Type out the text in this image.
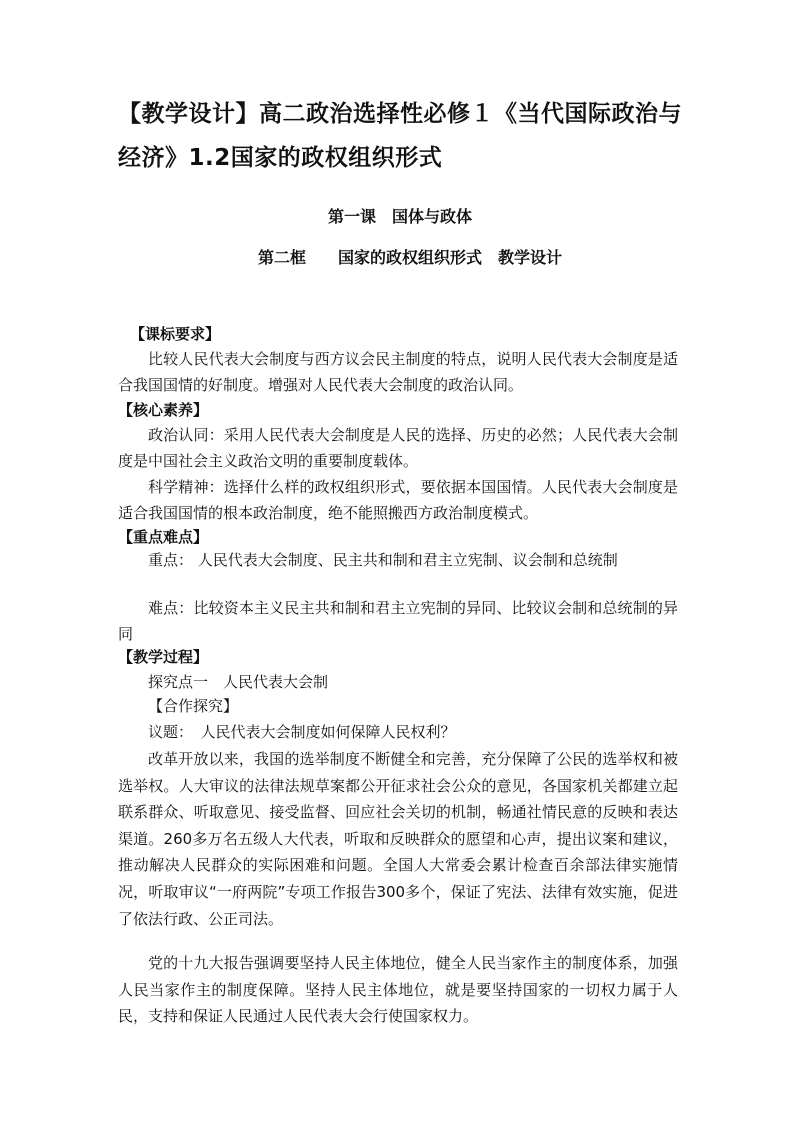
【教学设计】高二政治选择性必修１《当代国际政治与
经济》1.2国家的政权组织形式
第一课　国体与政体
第二框　　国家的政权组织形式　教学设计
【课标要求】
比较人民代表大会制度与西方议会民主制度的特点，说明人民代表大会制度是适合我国国情的好制度。增强对人民代表大会制度的政治认同。
【核心素养】
政治认同：采用人民代表大会制度是人民的选择、历史的必然；人民代表大会制度是中国社会主义政治文明的重要制度载体。
科学精神：选择什么样的政权组织形式，要依据本国国情。人民代表大会制度是适合我国国情的根本政治制度，绝不能照搬西方政治制度模式。
【重点难点】
重点： 人民代表大会制度、民主共和制和君主立宪制、议会制和总统制
难点：比较资本主义民主共和制和君主立宪制的异同、比较议会制和总统制的异同
【教学过程】
探究点一　人民代表大会制
【合作探究】
议题：　人民代表大会制度如何保障人民权利？
改革开放以来，我国的选举制度不断健全和完善，充分保障了公民的选举权和被选举权。人大审议的法律法规草案都公开征求社会公众的意见，各国家机关都建立起联系群众、听取意见、接受监督、回应社会关切的机制，畅通社情民意的反映和表达渠道。260多万名五级人大代表，听取和反映群众的愿望和心声，提出议案和建议，推动解决人民群众的实际困难和问题。全国人大常委会累计检查百余部法律实施情况，听取审议“一府两院”专项工作报告300多个，保证了宪法、法律有效实施，促进了依法行政、公正司法。
党的十九大报告强调要坚持人民主体地位，健全人民当家作主的制度体系，加强人民当家作主的制度保障。坚持人民主体地位，就是要坚持国家的一切权力属于人民，支持和保证人民通过人民代表大会行使国家权力。
